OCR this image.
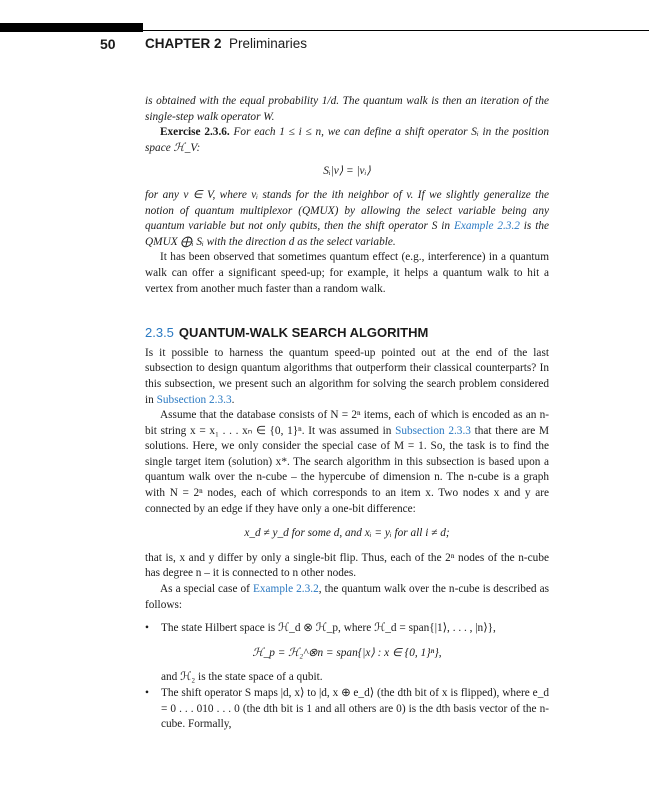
50 CHAPTER 2 Preliminaries

is obtained with the equal probability 1/d. The quantum walk is then an iteration of the single-step walk operator W.

Exercise 2.3.6. For each 1 ≤ i ≤ n, we can define a shift operator Sᵢ in the position space ℋ_V:

Sᵢ|v⟩ = |vᵢ⟩

for any v ∈ V, where vᵢ stands for the ith neighbor of v. If we slightly generalize the notion of quantum multiplexor (QMUX) by allowing the select variable being any quantum variable but not only qubits, then the shift operator S in Example 2.3.2 is the QMUX ⨁ᵢ Sᵢ with the direction d as the select variable.

It has been observed that sometimes quantum effect (e.g., interference) in a quantum walk can offer a significant speed-up; for example, it helps a quantum walk to hit a vertex from another much faster than a random walk.

2.3.5 QUANTUM-WALK SEARCH ALGORITHM

Is it possible to harness the quantum speed-up pointed out at the end of the last subsection to design quantum algorithms that outperform their classical counterparts? In this subsection, we present such an algorithm for solving the search problem considered in Subsection 2.3.3.

Assume that the database consists of N = 2ⁿ items, each of which is encoded as an n-bit string x = x₁ . . . xₙ ∈ {0, 1}ⁿ. It was assumed in Subsection 2.3.3 that there are M solutions. Here, we only consider the special case of M = 1. So, the task is to find the single target item (solution) x*. The search algorithm in this subsection is based upon a quantum walk over the n-cube – the hypercube of dimension n. The n-cube is a graph with N = 2ⁿ nodes, each of which corresponds to an item x. Two nodes x and y are connected by an edge if they have only a one-bit difference:

x_d ≠ y_d for some d, and xᵢ = yᵢ for all i ≠ d;

that is, x and y differ by only a single-bit flip. Thus, each of the 2ⁿ nodes of the n-cube has degree n – it is connected to n other nodes.

As a special case of Example 2.3.2, the quantum walk over the n-cube is described as follows:

• The state Hilbert space is ℋ_d ⊗ ℋ_p, where ℋ_d = span{|1⟩, . . . , |n⟩},
ℋ_p = ℋ₂^⊗n = span{|x⟩ : x ∈ {0, 1}ⁿ},
and ℋ₂ is the state space of a qubit.
• The shift operator S maps |d, x⟩ to |d, x ⊕ e_d⟩ (the dth bit of x is flipped), where e_d = 0 . . . 010 . . . 0 (the dth bit is 1 and all others are 0) is the dth basis vector of the n-cube. Formally,
